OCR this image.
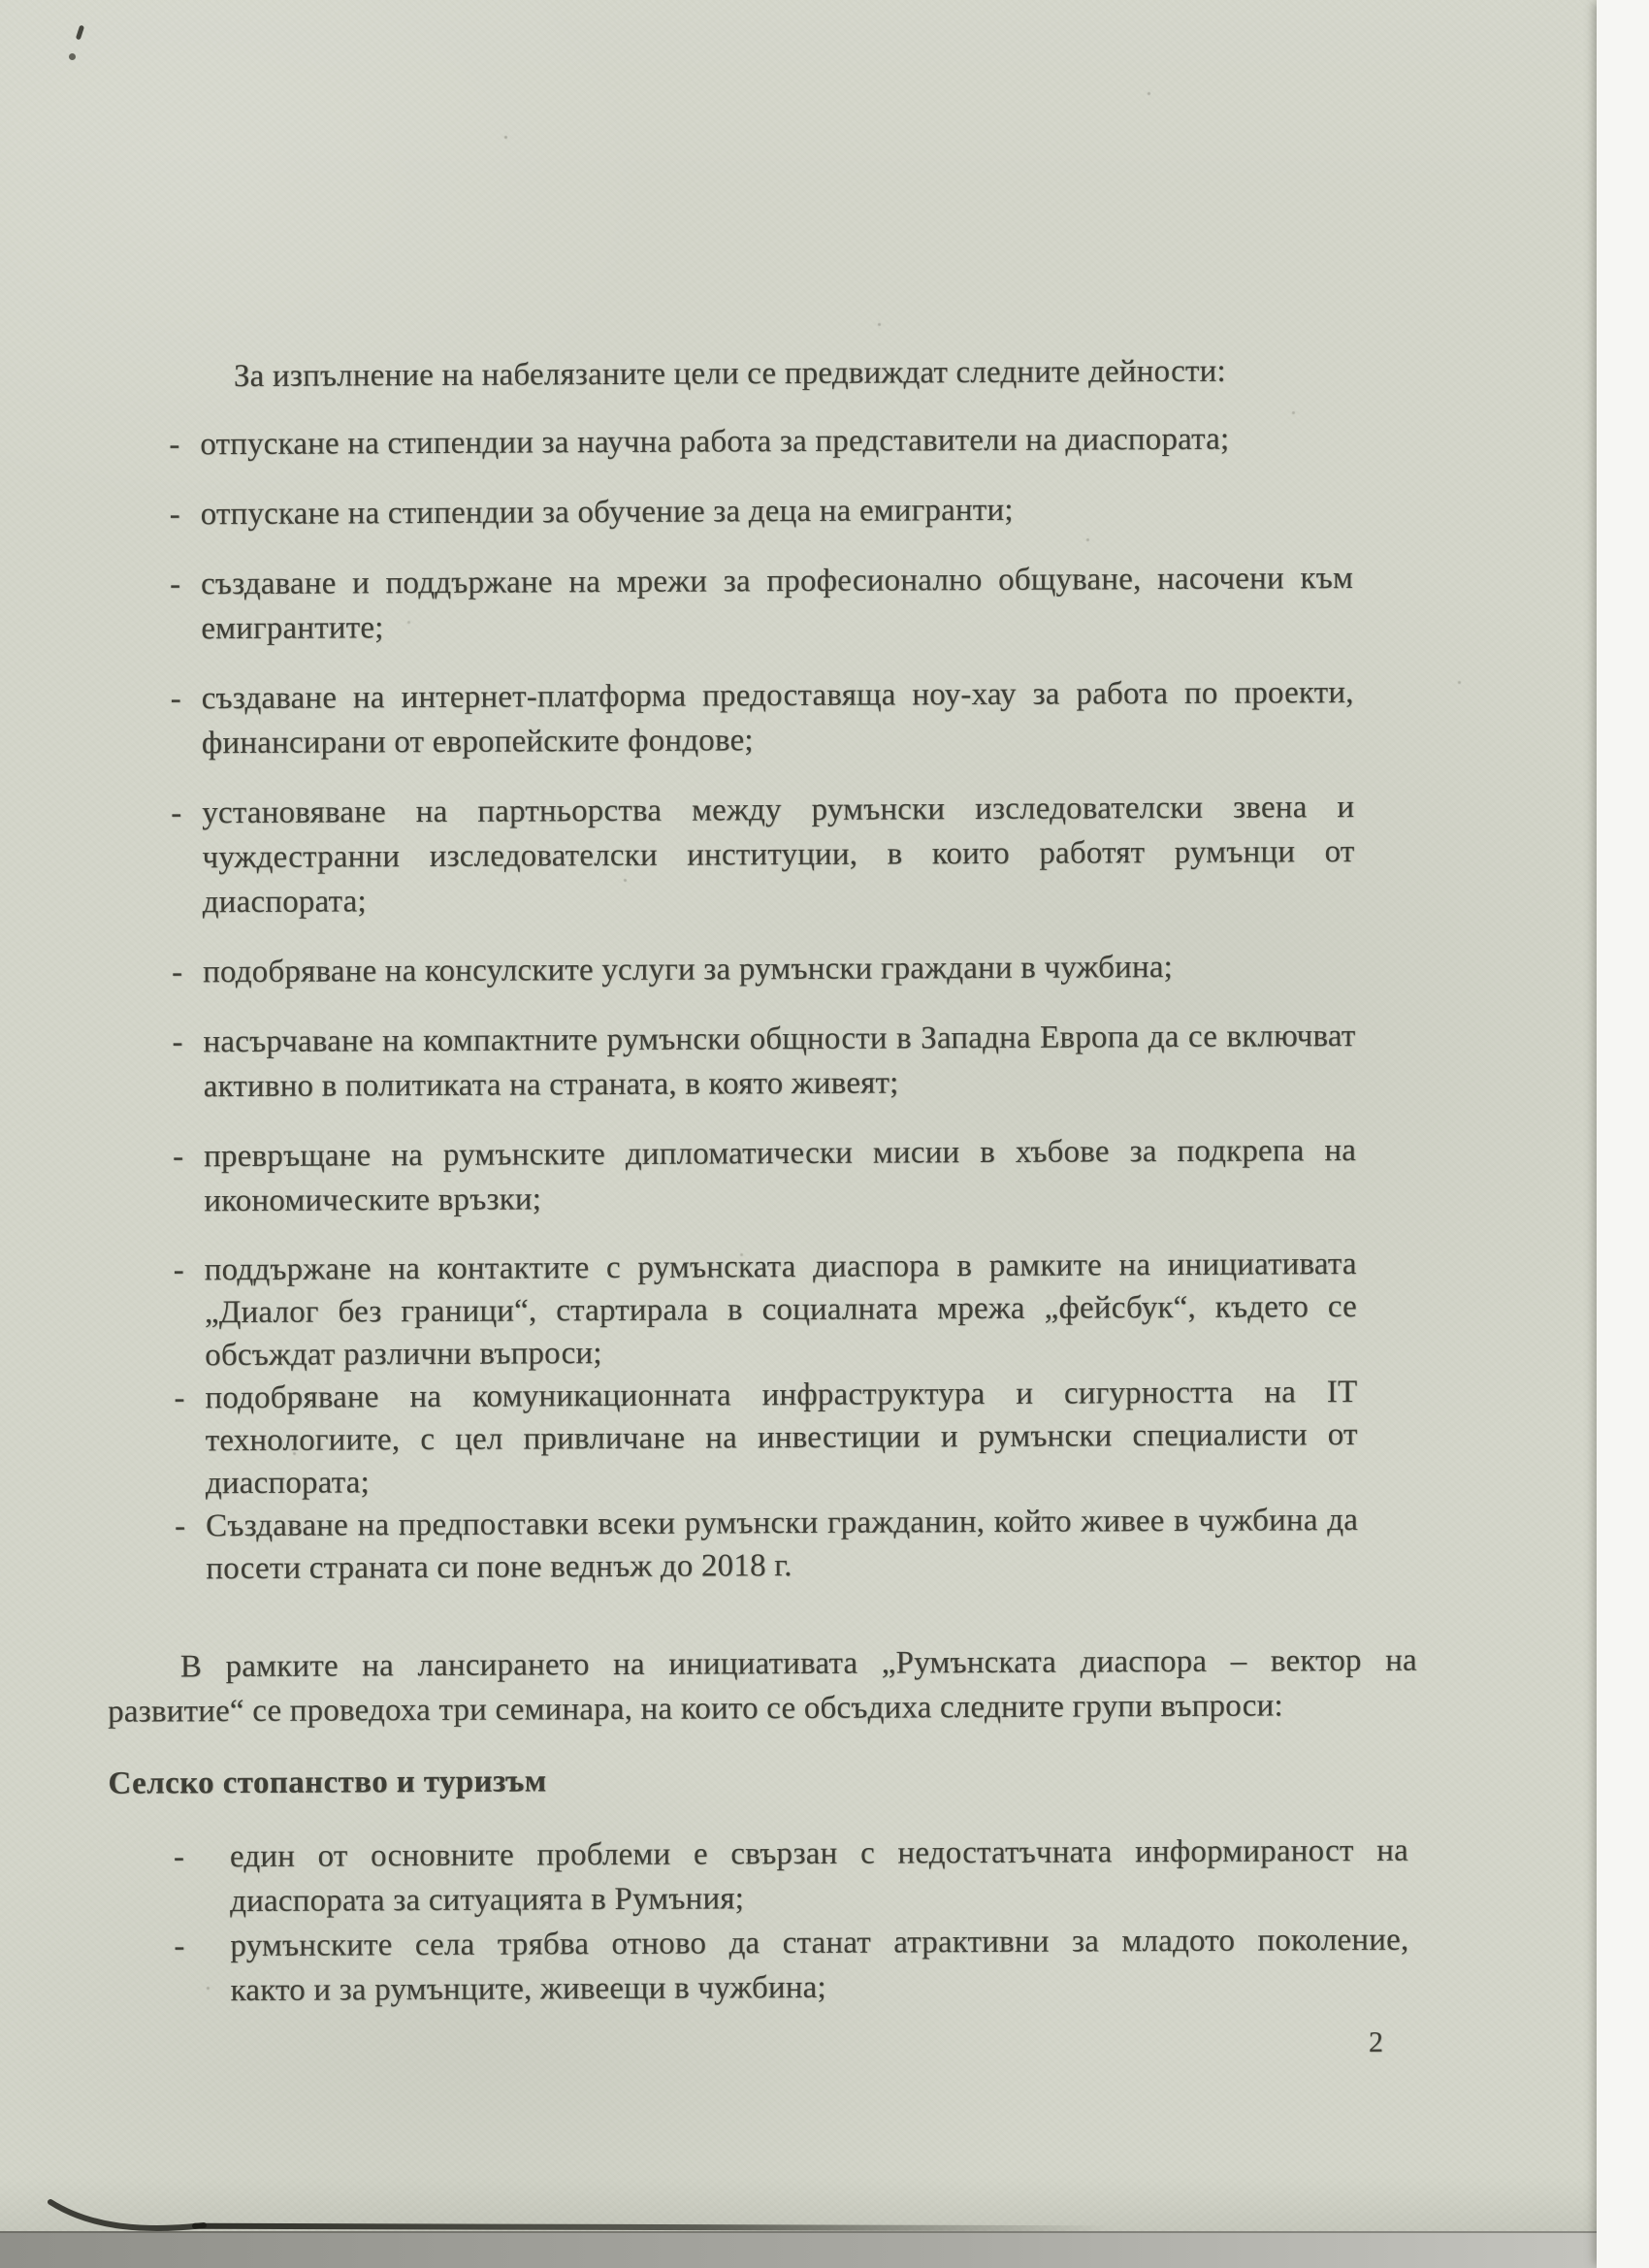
За изпълнение на набелязаните цели се предвиждат следните дейности:

- отпускане на стипендии за научна работа за представители на диаспората;
- отпускане на стипендии за обучение за деца на емигранти;
- създаване и поддържане на мрежи за професионално общуване, насочени към
емигрантите;
- създаване на интернет-платформа предоставяща ноу-хау за работа по проекти,
финансирани от европейските фондове;
- установяване на партньорства между румънски изследователски звена и
чуждестранни изследователски институции, в които работят румънци от
диаспората;
- подобряване на консулските услуги за румънски граждани в чужбина;
- насърчаване на компактните румънски общности в Западна Европа да се включват
активно в политиката на страната, в която живеят;
- превръщане на румънските дипломатически мисии в хъбове за подкрепа на
икономическите връзки;
- поддържане на контактите с румънската диаспора в рамките на инициативата
„Диалог без граници“, стартирала в социалната мрежа „фейсбук“, където се
обсъждат различни въпроси;
- подобряване на комуникационната инфраструктура и сигурността на IT
технологиите, с цел привличане на инвестиции и румънски специалисти от
диаспората;
- Създаване на предпоставки всеки румънски гражданин, който живее в чужбина да
посети страната си поне веднъж до 2018 г.

В рамките на лансирането на инициативата „Румънската диаспора – вектор на
развитие“ се проведоха три семинара, на които се обсъдиха следните групи въпроси:

Селско стопанство и туризъм
- един от основните проблеми е свързан с недостатъчната информираност на
диаспората за ситуацията в Румъния;
- румънските села трябва отново да станат атрактивни за младото поколение,
както и за румънците, живеещи в чужбина;
2
